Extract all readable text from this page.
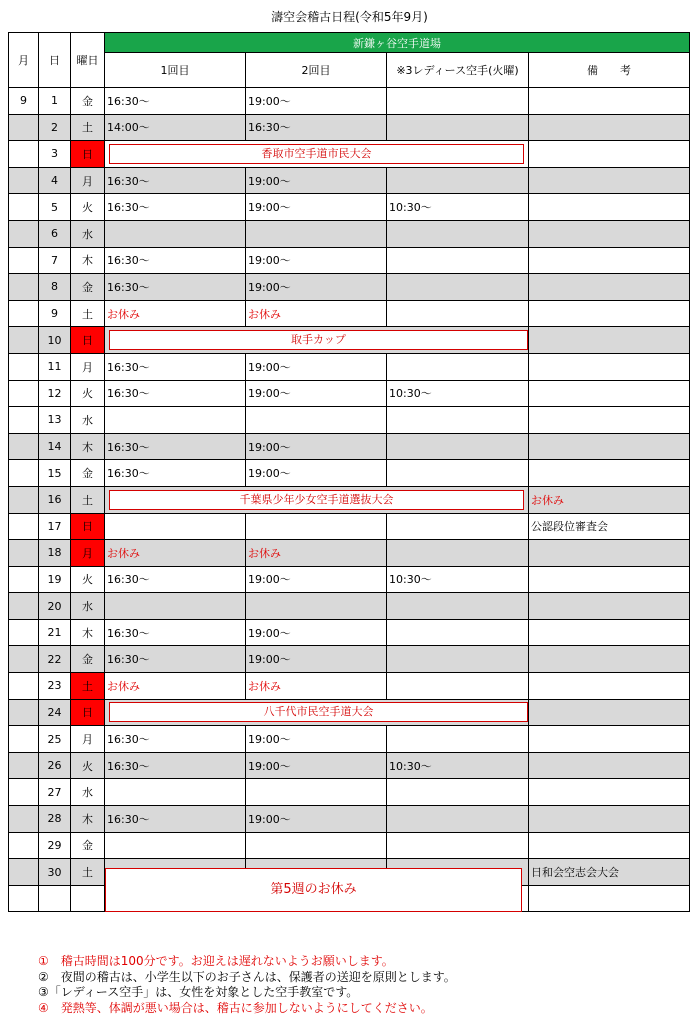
濤空会稽古日程(令和5年9月)
月	日	曜日	新鎌ヶ谷空手道場			
			1回目	2回目	※3レディース空手(火曜)	備　　考
9	1	金	16:30～	19:00～		
	2	土	14:00～	16:30～		
	3	日	香取市空手道市民大会			

	4	月	16:30～	19:00～		
	5	火	16:30～	19:00～	10:30～	
	6	水				
	7	木	16:30～	19:00～		
	8	金	16:30～	19:00～		
	9	土	お休み	お休み		
	10	日	取手カップ			

	11	月	16:30～	19:00～		
	12	火	16:30～	19:00～	10:30～	
	13	水				
	14	木	16:30～	19:00～		
	15	金	16:30～	19:00～		
	16	土	千葉県少年少女空手道選抜大会			お休み
	17	日				公認段位審査会
	18	月	お休み	お休み		
	19	火	16:30～	19:00～	10:30～	
	20	水				
	21	木	16:30～	19:00～		
	22	金	16:30～	19:00～		
	23	土	お休み	お休み		
	24	日	八千代市民空手道大会			

	25	月	16:30～	19:00～		
	26	火	16:30～	19:00～	10:30～	
	27	水				
	28	木	16:30～	19:00～		
	29	金				
	30	土				日和会空志会大会

第5週のお休み
①　稽古時間は100分です。お迎えは遅れないようお願いします。
②　夜間の稽古は、小学生以下のお子さんは、保護者の送迎を原則とします。
③「レディース空手」は、女性を対象とした空手教室です。
④　発熱等、体調が悪い場合は、稽古に参加しないようにしてください。
